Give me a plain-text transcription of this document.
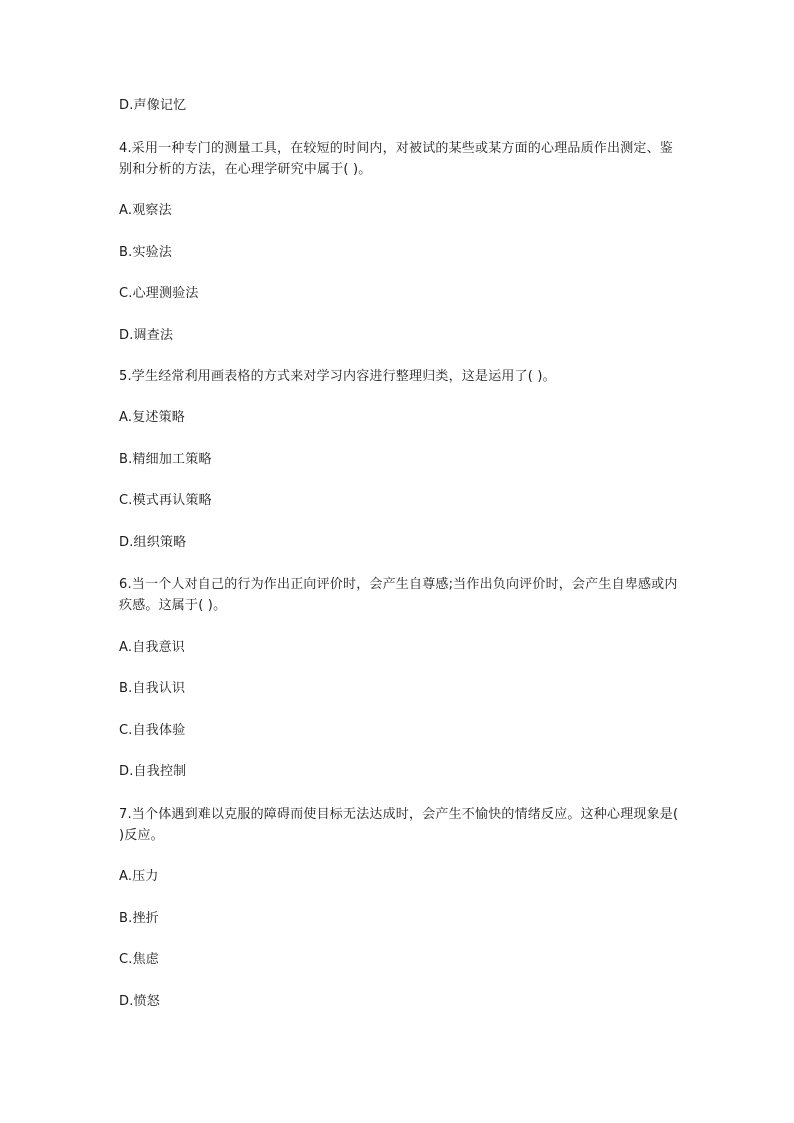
D.声像记忆
4.采用一种专门的测量工具，在较短的时间内，对被试的某些或某方面的心理品质作出测定、鉴别和分析的方法，在心理学研究中属于( )。
A.观察法
B.实验法
C.心理测验法
D.调查法
5.学生经常利用画表格的方式来对学习内容进行整理归类，这是运用了( )。
A.复述策略
B.精细加工策略
C.模式再认策略
D.组织策略
6.当一个人对自己的行为作出正向评价时，会产生自尊感;当作出负向评价时，会产生自卑感或内疚感。这属于( )。
A.自我意识
B.自我认识
C.自我体验
D.自我控制
7.当个体遇到难以克服的障碍而使目标无法达成时，会产生不愉快的情绪反应。这种心理现象是( )反应。
A.压力
B.挫折
C.焦虑
D.愤怒
